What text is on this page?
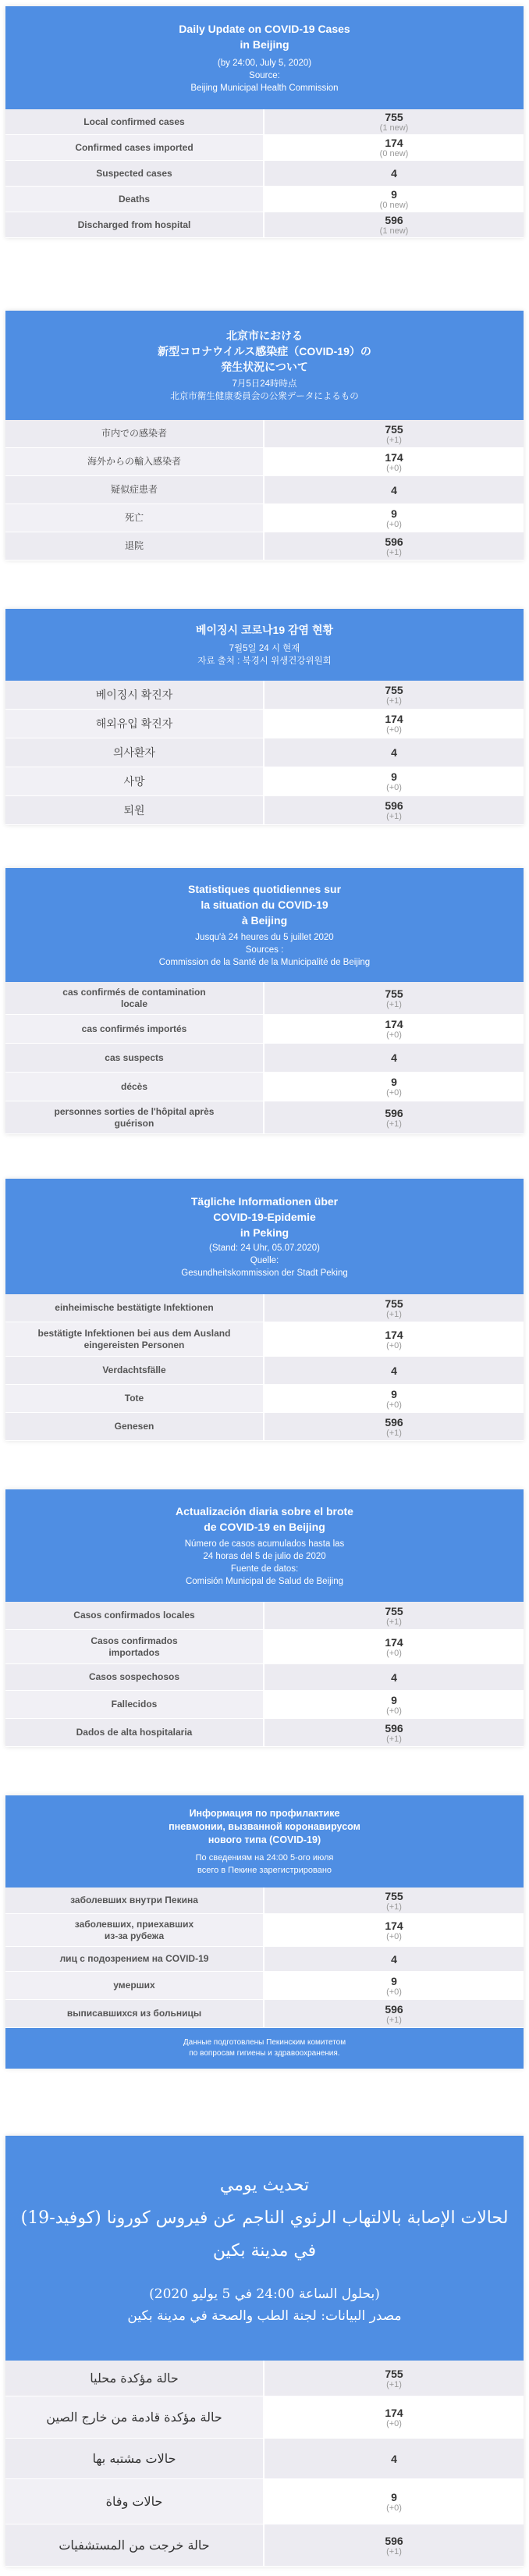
Daily Update on COVID-19 Cases
in Beijing
(by 24:00, July 5, 2020)
Source:
Beijing Municipal Health Commission
Local confirmed cases	755
(1 new)
Confirmed cases imported	174
(0 new)
Suspected cases	4
Deaths	9
(0 new)
Discharged from hospital	596
(1 new)
北京市における
新型コロナウイルス感染症（COVID-19）の
発生状況について
7月5日24時時点
北京市衛生健康委員会の公衆データによるもの
市内での感染者	755
(+1)
海外からの輸入感染者	174
(+0)
疑似症患者	4
死亡	9
(+0)
退院	596
(+1)
베이징시 코로나19 감염 현황
7월5일 24 시 현재
자료 출처 : 북경시 위생건강위원회
베이징시 확진자	755
(+1)
해외유입 확진자	174
(+0)
의사환자	4
사망	9
(+0)
퇴원	596
(+1)
Statistiques quotidiennes sur
la situation du COVID-19
à Beijing
Jusqu'à 24 heures du 5 juillet 2020
Sources :
Commission de la Santé de la Municipalité de Beijing
cas confirmés de contamination locale
755
(+1)
cas confirmés importés	174
(+0)
cas suspects	4
décès	9
(+0)
personnes sorties de l'hôpital après guérison
596
(+1)
Tägliche Informationen über
COVID-19-Epidemie
in Peking
(Stand: 24 Uhr, 05.07.2020)
Quelle:
Gesundheitskommission der Stadt Peking
einheimische bestätigte Infektionen	755
(+1)
bestätigte Infektionen bei aus dem Ausland eingereisten Personen
174
(+0)
Verdachtsfälle	4
Tote	9
(+0)
Genesen	596
(+1)
Actualización diaria sobre el brote
de COVID-19 en Beijing
Número de casos acumulados hasta las
24 horas del 5 de julio de 2020
Fuente de datos:
Comisión Municipal de Salud de Beijing
Casos confirmados locales	755
(+1)
Casos confirmados importados
174
(+0)
Casos sospechosos	4
Fallecidos	9
(+0)
Dados de alta hospitalaria	596
(+1)
Информация по профилактике
пневмонии, вызванной коронавирусом
нового типа (COVID-19)
По сведениям на 24:00 5-ого июля
всего в Пекине зарегистрировано
заболевших внутри Пекина	755
(+1)
заболевших, приехавших из-за рубежа
174
(+0)
лиц с подозрением на COVID-19	4
умерших	9
(+0)
выписавшихся из больницы	596
(+1)
Данные подготовлены Пекинским комитетом
по вопросам гигиены и здравоохранения.
تحديث يومي
لحالات الإصابة بالالتهاب الرئوي الناجم عن فيروس كورونا (كوفيد-19)
في مدينة بكين
(بحلول الساعة 24:00 في 5 يوليو 2020)
مصدر البيانات: لجنة الطب والصحة في مدينة بكين
حالة مؤكدة محليا	755
(+1)
حالة مؤكدة قادمة من خارج الصين	174
(+0)
حالات مشتبه بها	4
حالات وفاة	9
(+0)
حالة خرجت من المستشفيات	596
(+1)
